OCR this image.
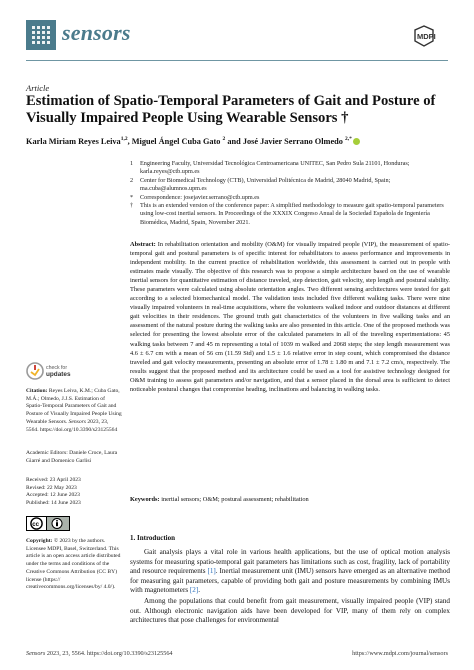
sensors	MDPI
Article
Estimation of Spatio-Temporal Parameters of Gait and Posture of Visually Impaired People Using Wearable Sensors †
Karla Miriam Reyes Leiva$^{1,2}$, Miguel Ángel Cuba Gato $^2$ and José Javier Serrano Olmedo $^{2,*}$
1	Engineering Faculty, Universidad Tecnológica Centroamericana UNITEC, San Pedro Sula 21101, Honduras; karla.reyes@ctb.upm.es
2	Center for Biomedical Technology (CTB), Universidad Politécnica de Madrid, 28040 Madrid, Spain; ma.cuba@alumnos.upm.es
*	Correspondence: josejavier.serrano@ctb.upm.es
†	This is an extended version of the conference paper: A simplified methodology to measure gait spatio-temporal parameters using low-cost inertial sensors. In Proceedings of the XXXIX Congreso Anual de la Sociedad Española de Ingeniería Biomédica, Madrid, Spain, November 2021.
Abstract: In rehabilitation orientation and mobility (O&M) for visually impaired people (VIP), the measurement of spatio-temporal gait and postural parameters is of specific interest for rehabilitators to assess performance and improvements in independent mobility. In the current practice of rehabilitation worldwide, this assessment is carried out in people with estimates made visually. The objective of this research was to propose a simple architecture based on the use of wearable inertial sensors for quantitative estimation of distance traveled, step detection, gait velocity, step length and postural stability. These parameters were calculated using absolute orientation angles. Two different sensing architectures were tested for gait according to a selected biomechanical model. The validation tests included five different walking tasks. There were nine visually impaired volunteers in real-time acquisitions, where the volunteers walked indoor and outdoor distances at different gait velocities in their residences. The ground truth gait characteristics of the volunteers in five walking tasks and an assessment of the natural posture during the walking tasks are also presented in this article. One of the proposed methods was selected for presenting the lowest absolute error of the calculated parameters in all of the traveling experimentations: 45 walking tasks between 7 and 45 m representing a total of 1039 m walked and 2068 steps; the step length measurement was 4.6 ± 6.7 cm with a mean of 56 cm (11.59 Std) and 1.5 ± 1.6 relative error in step count, which compromised the distance traveled and gait velocity measurements, presenting an absolute error of 1.78 ± 1.80 m and 7.1 ± 7.2 cm/s, respectively. The results suggest that the proposed method and its architecture could be used as a tool for assistive technology designed for O&M training to assess gait parameters and/or navigation, and that a sensor placed in the dorsal area is sufficient to detect noticeable postural changes that compromise heading, inclinations and balancing in walking tasks.
Keywords: inertial sensors; O&M; postural assessment; rehabilitation
1. Introduction

Gait analysis plays a vital role in various health applications, but the use of optical motion analysis systems for measuring spatio-temporal gait parameters has limitations such as cost, fragility, lack of portability and resource requirements [1]. Inertial measurement unit (IMU) sensors have emerged as an alternative method for measuring gait parameters, capable of providing both gait and posture measurements by combining IMUs with magnetometers [2].

Among the populations that could benefit from gait measurement, visually impaired people (VIP) stand out. Although electronic navigation aids have been developed for VIP, many of them rely on complex architectures that pose challenges for environmental

check for
updates
Citation: Reyes Leiva, K.M.; Cuba Gato, M.Á.; Olmedo, J.J.S. Estimation of Spatio-Temporal Parameters of Gait and Posture of Visually Impaired People Using Wearable Sensors. Sensors 2023, 23, 5564. https://doi.org/10.3390/s23125564
Academic Editors: Daniele Croce, Laura Giarré and Domenico Garlisi
Received: 23 April 2023
Revised: 22 May 2023
Accepted: 12 June 2023
Published: 14 June 2023
cc
Copyright: © 2023 by the authors. Licensee MDPI, Basel, Switzerland. This article is an open access article distributed under the terms and conditions of the Creative Commons Attribution (CC BY) license (https:// creativecommons.org/licenses/by/ 4.0/).
Sensors 2023, 23, 5564. https://doi.org/10.3390/s23125564	https://www.mdpi.com/journal/sensors
